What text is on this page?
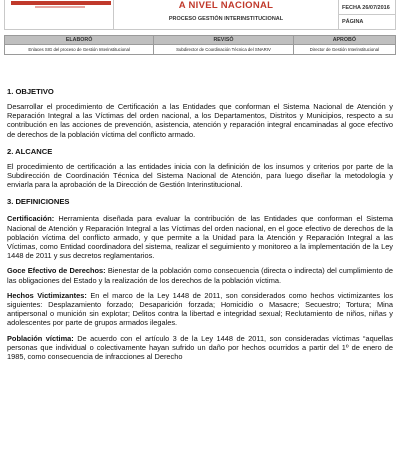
A NIVEL NACIONAL
PROCESO GESTIÓN INTERINSTITUCIONAL
FECHA 26/07/2016
PÁGINA
ELABORÓ	REVISÓ	APROBÓ
Enlaces SIG del proceso de Gestión Interinstitucional	Subdirector de Coordinación Técnica del SNARIV	Director de Gestión Interinstitucional

1. OBJETIVO

Desarrollar el procedimiento de Certificación a las Entidades que conforman el Sistema Nacional de Atención y Reparación Integral a las Víctimas del orden nacional, a los Departamentos, Distritos y Municipios, respecto a su contribución en las acciones de prevención, asistencia, atención y reparación integral encaminadas al goce efectivo de derechos de la población víctima del conflicto armado.

2. ALCANCE

El procedimiento de certificación a las entidades inicia con la definición de los insumos y criterios por parte de la Subdirección de Coordinación Técnica del Sistema Nacional de Atención, para luego diseñar la metodología y enviarla para la aprobación de la Dirección de Gestión Interinstitucional.

3. DEFINICIONES

Certificación: Herramienta diseñada para evaluar la contribución de las Entidades que conforman el Sistema Nacional de Atención y Reparación Integral a las Víctimas del orden nacional, en el goce efectivo de derechos de la población víctima del conflicto armado, y que permite a la Unidad para la Atención y Reparación Integral a las Víctimas, como Entidad coordinadora del sistema, realizar el seguimiento y monitoreo a la implementación de la Ley 1448 de 2011 y sus decretos reglamentarios.

Goce Efectivo de Derechos: Bienestar de la población como consecuencia (directa o indirecta) del cumplimiento de las obligaciones del Estado y la realización de los derechos de la población víctima.

Hechos Victimizantes: En el marco de la Ley 1448 de 2011, son considerados como hechos victimizantes los siguientes: Desplazamiento forzado; Desaparición forzada; Homicidio o Masacre; Secuestro; Tortura; Mina antipersonal o munición sin explotar; Delitos contra la libertad e integridad sexual; Reclutamiento de niños, niñas y adolescentes por parte de grupos armados ilegales.

Población víctima: De acuerdo con el artículo 3 de la Ley 1448 de 2011, son consideradas víctimas “aquellas personas que individual o colectivamente hayan sufrido un daño por hechos ocurridos a partir del 1º de enero de 1985, como consecuencia de infracciones al Derecho
